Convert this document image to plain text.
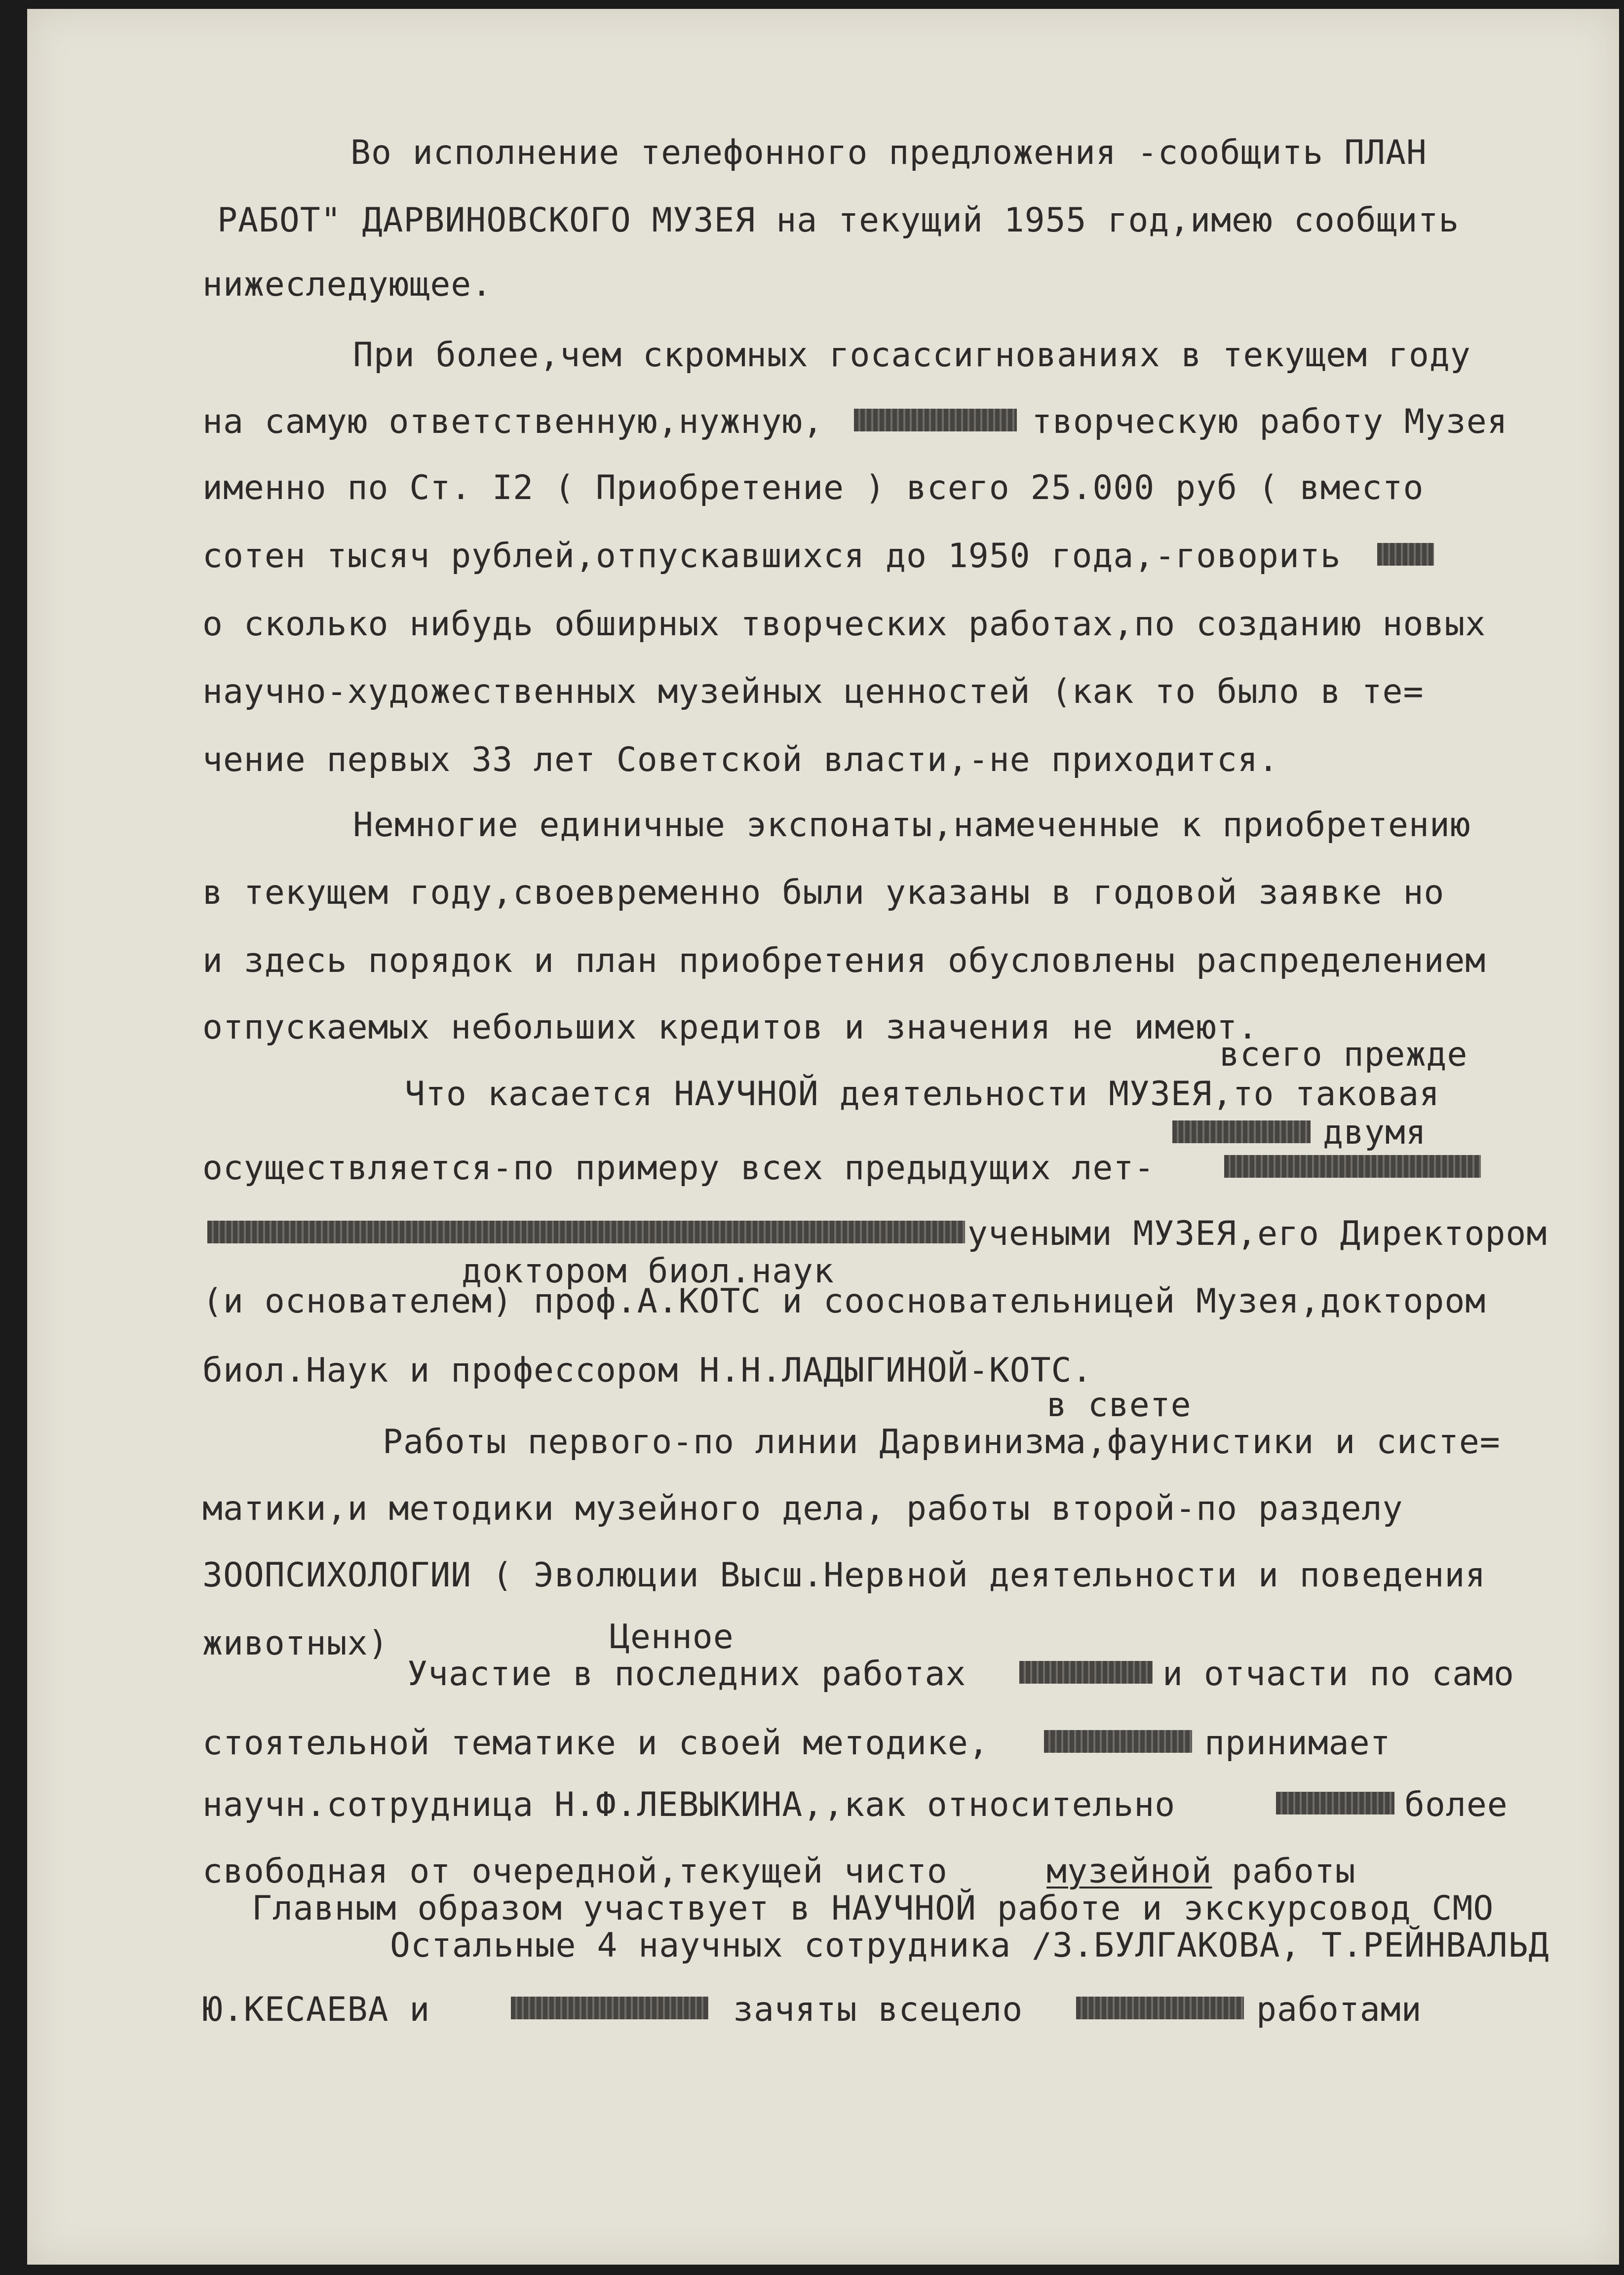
Во исполнение телефонного предложения -сообщить ПЛАН
РАБОТ" ДАРВИНОВСКОГО МУЗЕЯ на текущий 1955 год,имею сообщить
нижеследующее.
При более,чем скромных госассигнованиях в текущем году
на самую ответственную,нужную,	творческую работу Музея
именно по Ст. I2 ( Приобретение ) всего 25.000 руб ( вместо
сотен тысяч рублей,отпускавшихся до 1950 года,-говорить
о сколько нибудь обширных творческих работах,по созданию новых
научно-художественных музейных ценностей (как то было в те=
чение первых 33 лет Советской власти,-не приходится.
Немногие единичные экспонаты,намеченные к приобретению
в текущем году,своевременно были указаны в годовой заявке но
и здесь порядок и план приобретения обусловлены распределением
отпускаемых небольших кредитов и значения не имеют.
всего прежде
Что касается НАУЧНОЙ деятельности МУЗЕЯ,то таковая
двумя
осуществляется-по примеру всех предыдущих лет-
учеными МУЗЕЯ,его Директором
доктором биол.наук
(и основателем) проф.А.КОТС и соосновательницей Музея,доктором
биол.Наук и профессором Н.Н.ЛАДЫГИНОЙ-КОТС.
в свете
Работы первого-по линии Дарвинизма,фаунистики и систе=
матики,и методики музейного дела, работы второй-по разделу
ЗООПСИХОЛОГИИ ( Эволюции Высш.Нервной деятельности и поведения
животных)	Ценное
Участие в последних работах	и отчасти по само
стоятельной тематике и своей методике,	принимает
научн.сотрудница Н.Ф.ЛЕВЫКИНА,,как относительно	более
свободная от очередной,текущей чисто	музейной работы
Главным образом участвует в НАУЧНОЙ работе и экскурсовод СМО
Остальные 4 научных сотрудника /З.БУЛГАКОВА, Т.РЕЙНВАЛЬД
Ю.КЕСАЕВА и	зачяты всецело	работами
